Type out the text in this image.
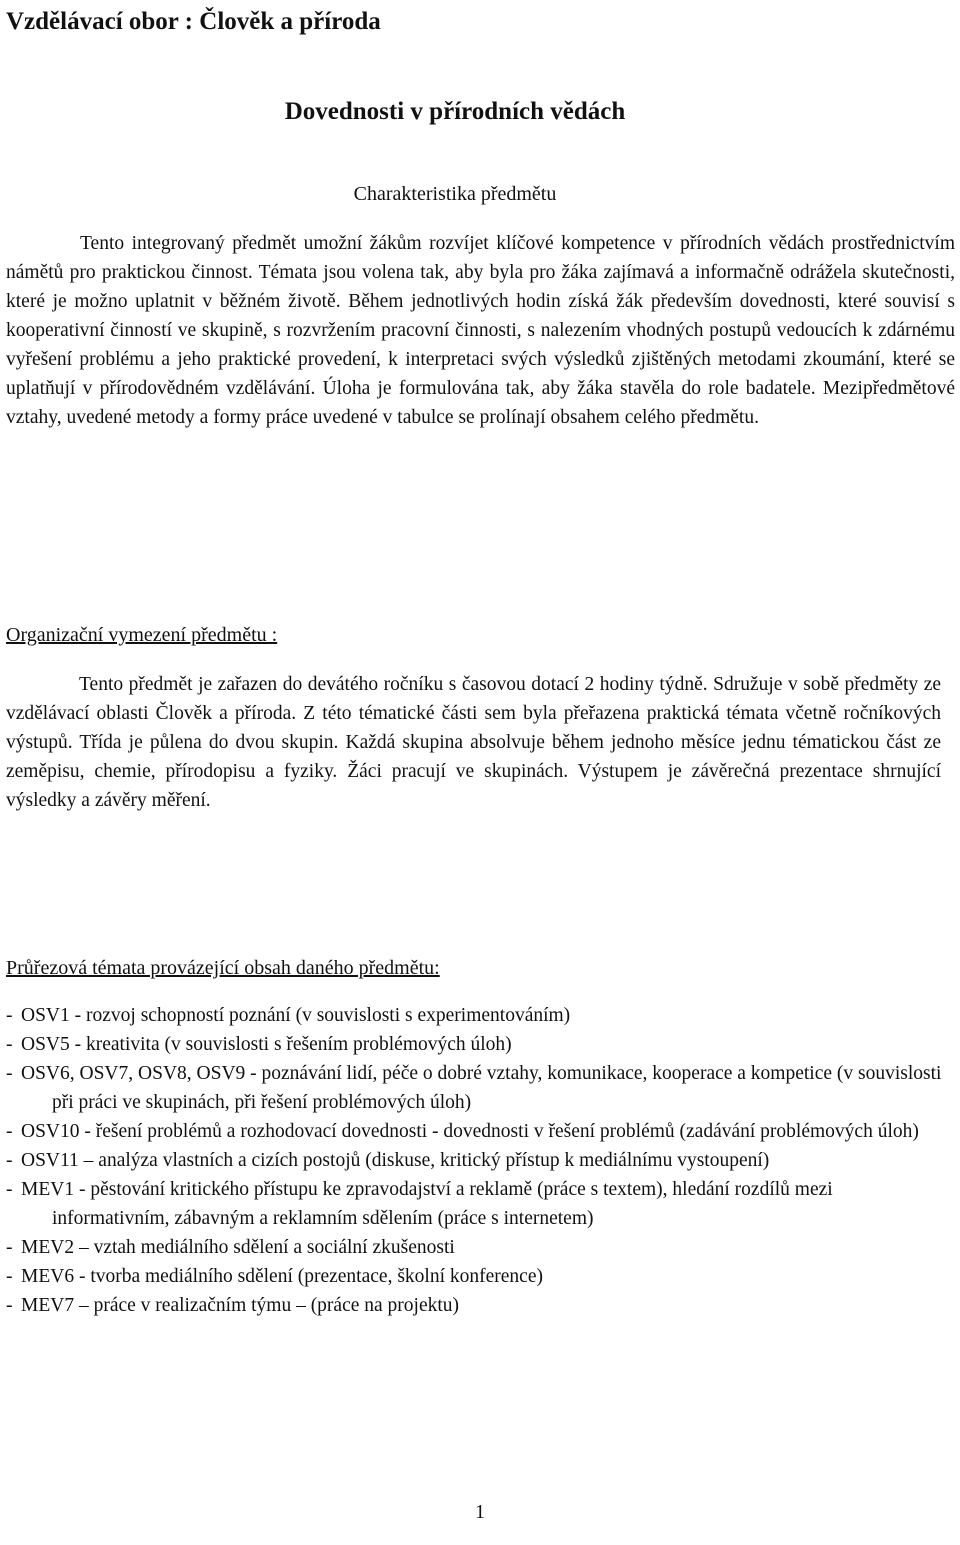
Vzdělávací obor : Člověk a příroda
Dovednosti v přírodních vědách
Charakteristika předmětu

Tento integrovaný předmět umožní žákům rozvíjet klíčové kompetence v přírodních vědách prostřednictvím námětů pro praktickou činnost. Témata jsou volena tak, aby byla pro žáka zajímavá a informačně odrážela skutečnosti, které je možno uplatnit v běžném životě. Během jednotlivých hodin získá žák především dovednosti, které souvisí s kooperativní činností ve skupině, s rozvržením pracovní činnosti, s nalezením vhodných postupů vedoucích k zdárnému vyřešení problému a jeho praktické provedení, k interpretaci svých výsledků zjištěných metodami zkoumání, které se uplatňují v přírodovědném vzdělávání. Úloha je formulována tak, aby žáka stavěla do role badatele. Mezipředmětové vztahy, uvedené metody a formy práce uvedené v tabulce se prolínají obsahem celého předmětu.

Organizační vymezení předmětu :

Tento předmět je zařazen do devátého ročníku s časovou dotací 2 hodiny týdně. Sdružuje v sobě předměty ze vzdělávací oblasti Člověk a příroda. Z této tématické části sem byla přeřazena praktická témata včetně ročníkových výstupů. Třída je půlena do dvou skupin. Každá skupina absolvuje během jednoho měsíce jednu tématickou část ze zeměpisu, chemie, přírodopisu a fyziky. Žáci pracují ve skupinách. Výstupem je závěrečná prezentace shrnující výsledky a závěry měření.

Průřezová témata provázející obsah daného předmětu:
- OSV1 - rozvoj schopností poznání (v souvislosti s experimentováním)
- OSV5 - kreativita (v souvislosti s řešením problémových úloh)
- OSV6, OSV7, OSV8, OSV9 - poznávání lidí, péče o dobré vztahy, komunikace, kooperace a kompetice (v souvislosti při práci ve skupinách, při řešení problémových úloh)
- OSV10 - řešení problémů a rozhodovací dovednosti - dovednosti v řešení problémů (zadávání problémových úloh)
- OSV11 – analýza vlastních a cizích postojů (diskuse, kritický přístup k mediálnímu vystoupení)
- MEV1 - pěstování kritického přístupu ke zpravodajství a reklamě (práce s textem), hledání rozdílů mezi informativním, zábavným a reklamním sdělením (práce s internetem)
- MEV2 – vztah mediálního sdělení a sociální zkušenosti
- MEV6 - tvorba mediálního sdělení (prezentace, školní konference)
- MEV7 – práce v realizačním týmu – (práce na projektu)
1
